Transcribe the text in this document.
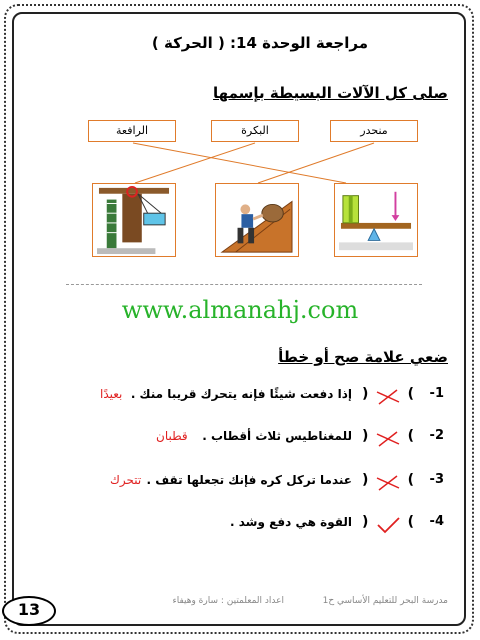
مراجعة الوحدة 14: ( الحركة )
صلى كل الآلات البسيطة بإسمها
منحدر
البكرة
الرافعة
www.almanahj.com
ضعي علامة صح أو خطأ
1-
(	)
إذا دفعت شيئًا فإنه يتحرك قريبا منك .
بعيدًا
2-
(	)
للمغناطيس ثلاث أقطاب .
قطبان
3-
(	)
عندما تركل كره فإنك تجعلها تقف .
تتحرك
4-
(	)
القوة هي دفع وشد .
مدرسة البحر للتعليم الأساسي ح1
اعداد المعلمتين : سارة وهيفاء
13
